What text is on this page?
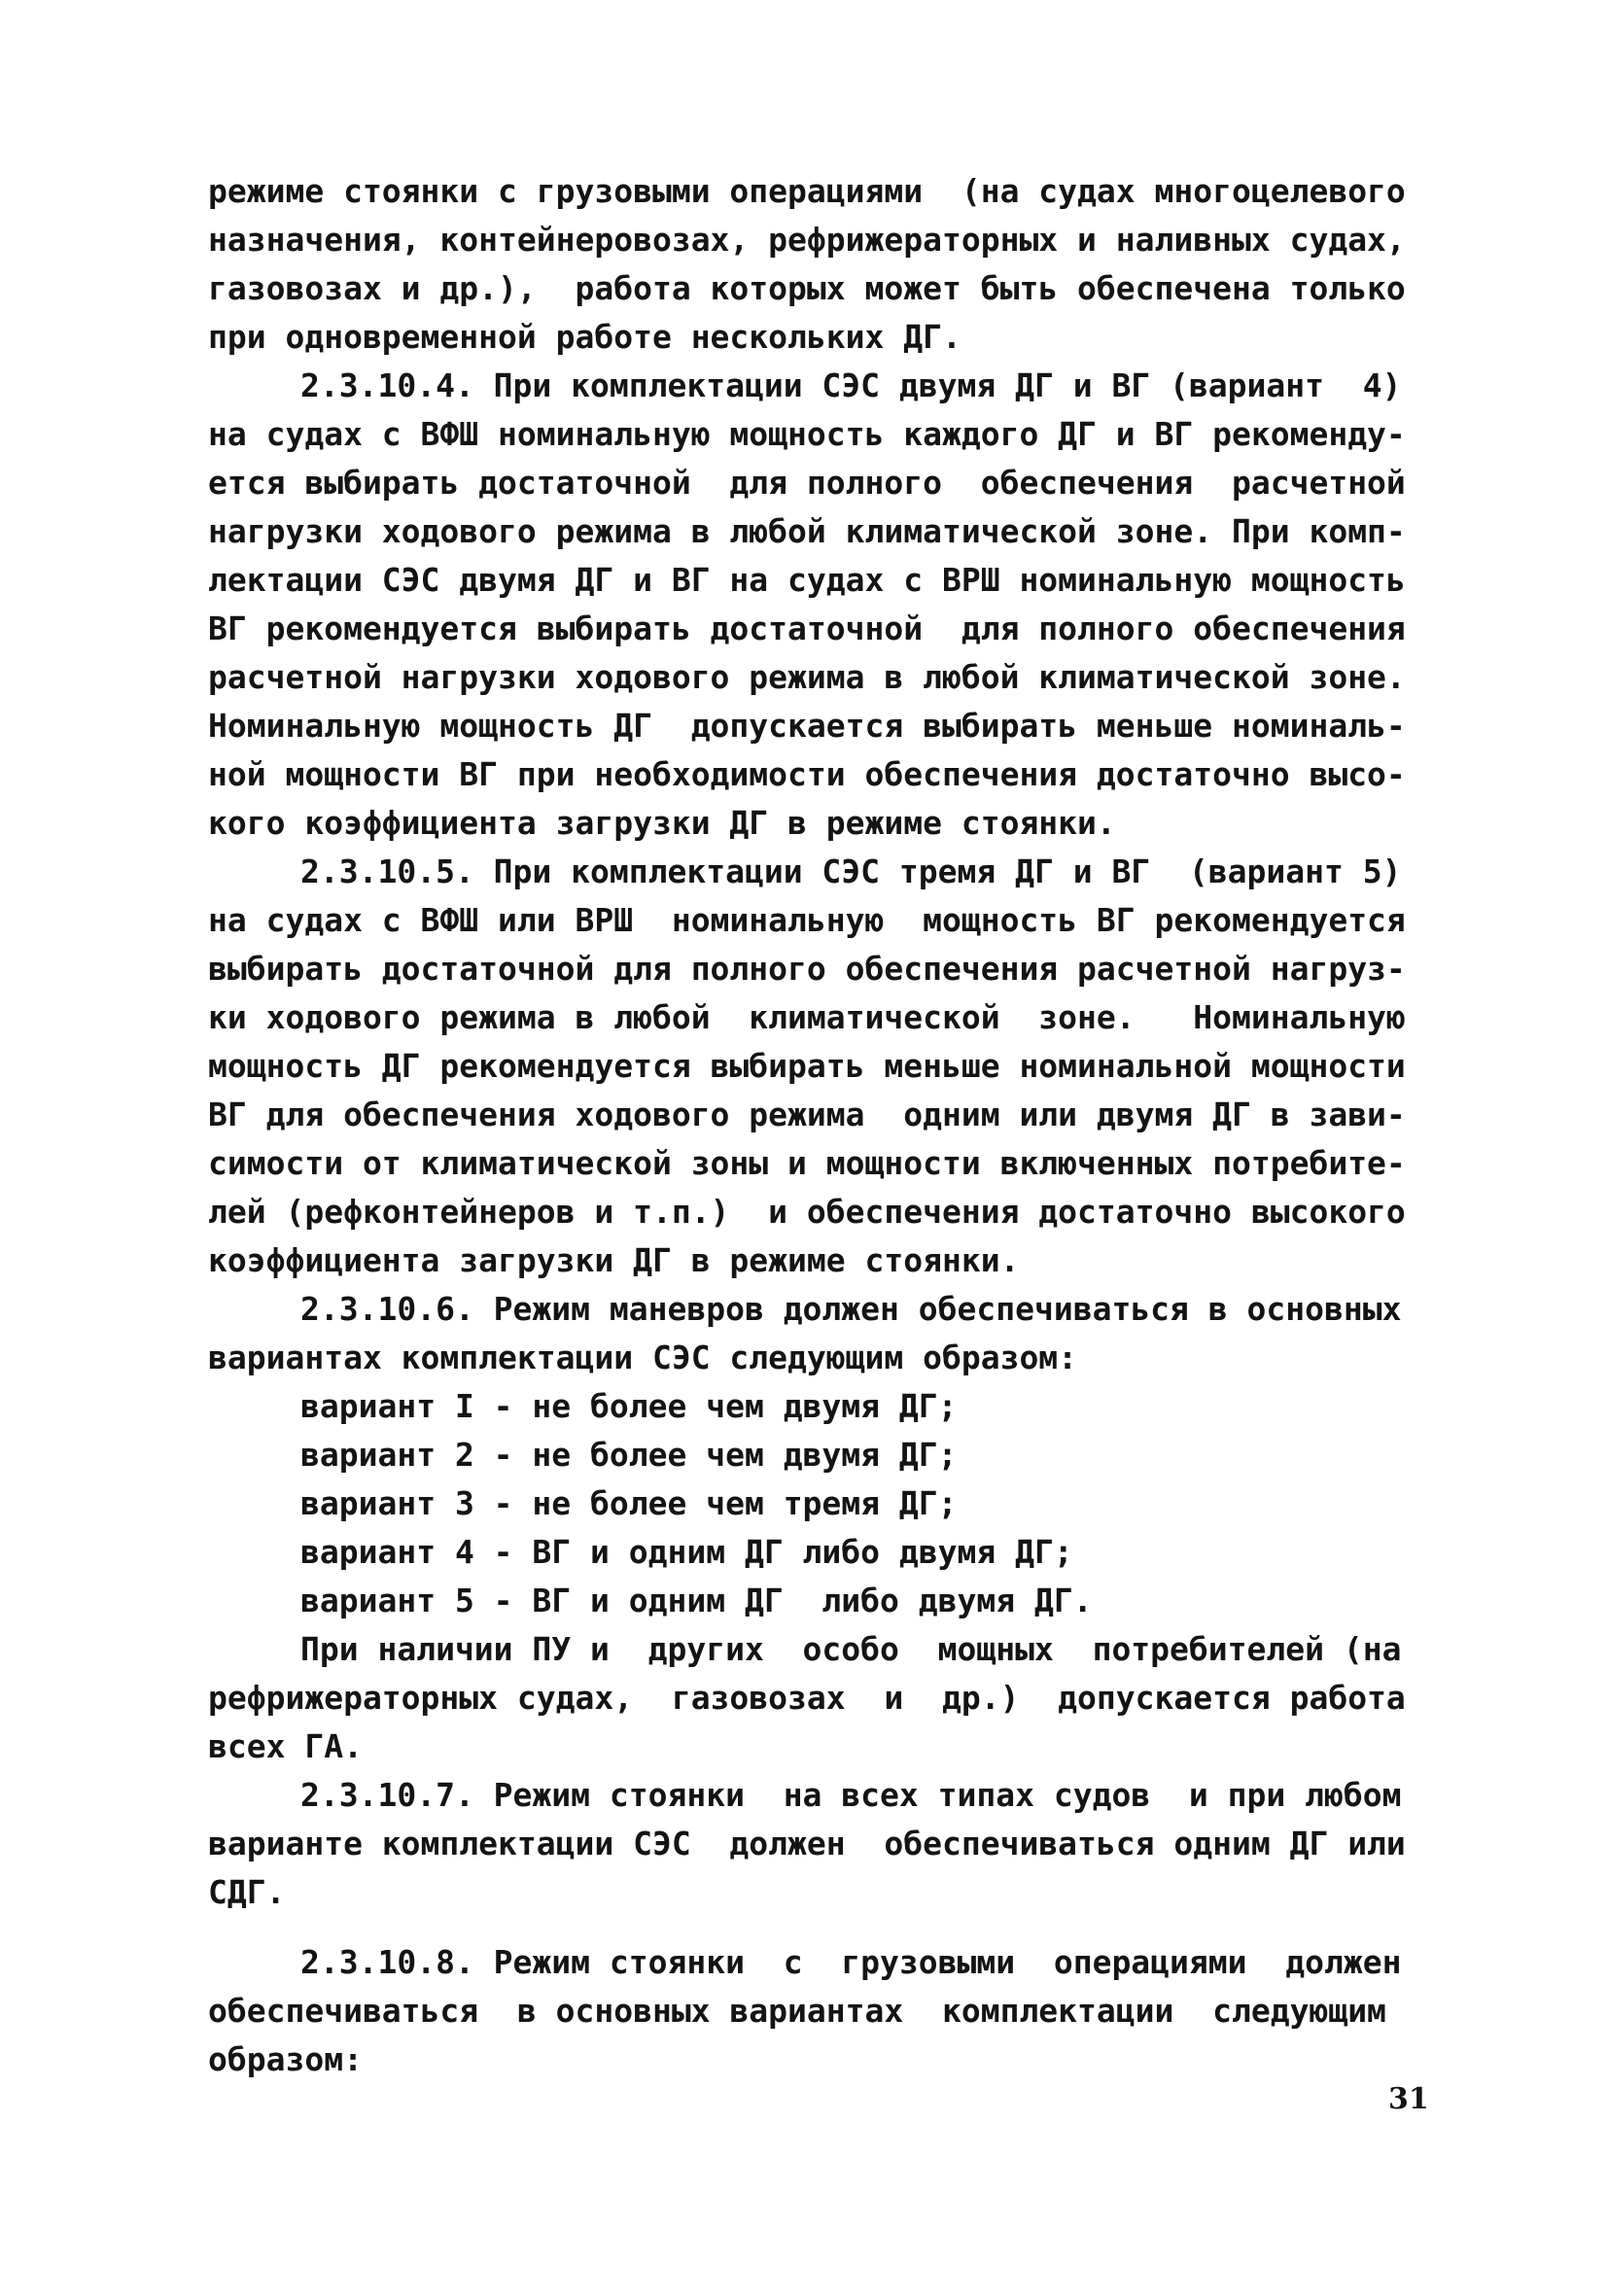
режиме стоянки с грузовыми операциями  (на судах многоцелевого
назначения, контейнеровозах, рефрижераторных и наливных судах,
газовозах и др.),  работа которых может быть обеспечена только
при одновременной работе нескольких ДГ.
2.3.10.4. При комплектации СЭС двумя ДГ и ВГ (вариант  4)
на судах с ВФШ номинальную мощность каждого ДГ и ВГ рекоменду-
ется выбирать достаточной  для полного  обеспечения  расчетной
нагрузки ходового режима в любой климатической зоне. При комп-
лектации СЭС двумя ДГ и ВГ на судах с ВРШ номинальную мощность
ВГ рекомендуется выбирать достаточной  для полного обеспечения
расчетной нагрузки ходового режима в любой климатической зоне.
Номинальную мощность ДГ  допускается выбирать меньше номиналь-
ной мощности ВГ при необходимости обеспечения достаточно высо-
кого коэффициента загрузки ДГ в режиме стоянки.
2.3.10.5. При комплектации СЭС тремя ДГ и ВГ  (вариант 5)
на судах с ВФШ или ВРШ  номинальную  мощность ВГ рекомендуется
выбирать достаточной для полного обеспечения расчетной нагруз-
ки ходового режима в любой  климатической  зоне.   Номинальную
мощность ДГ рекомендуется выбирать меньше номинальной мощности
ВГ для обеспечения ходового режима  одним или двумя ДГ в зави-
симости от климатической зоны и мощности включенных потребите-
лей (рефконтейнеров и т.п.)  и обеспечения достаточно высокого
коэффициента загрузки ДГ в режиме стоянки.
2.3.10.6. Режим маневров должен обеспечиваться в основных
вариантах комплектации СЭС следующим образом:
вариант I - не более чем двумя ДГ;
вариант 2 - не более чем двумя ДГ;
вариант 3 - не более чем тремя ДГ;
вариант 4 - ВГ и одним ДГ либо двумя ДГ;
вариант 5 - ВГ и одним ДГ  либо двумя ДГ.
При наличии ПУ и  других  особо  мощных  потребителей (на
рефрижераторных судах,  газовозах  и  др.)  допускается работа
всех ГА.
2.3.10.7. Режим стоянки  на всех типах судов  и при любом
варианте комплектации СЭС  должен  обеспечиваться одним ДГ или
СДГ.
2.3.10.8. Режим стоянки  с  грузовыми  операциями  должен
обеспечиваться  в основных вариантах  комплектации  следующим
образом:
31
